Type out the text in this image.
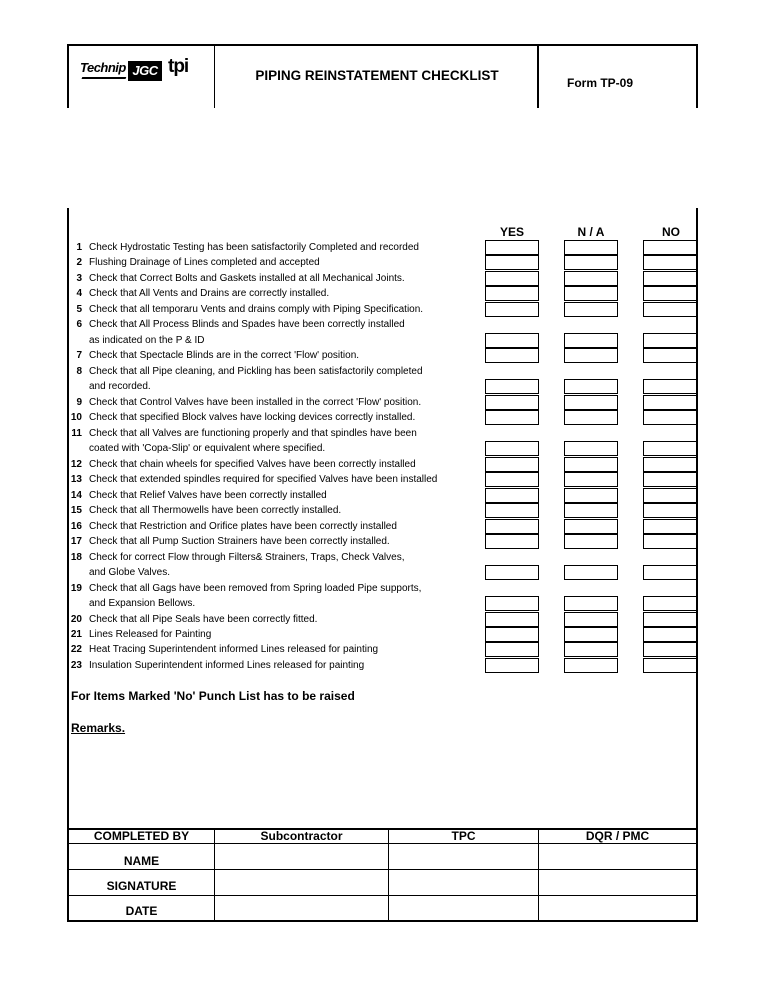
Technip JGC tpi	PIPING REINSTATEMENT CHECKLIST	Form TP-09
YES	N / A	NO
1 Check Hydrostatic Testing has been satisfactorily Completed and recorded
2 Flushing Drainage of Lines completed and accepted
3 Check that Correct Bolts and Gaskets installed at all Mechanical Joints.
4 Check that All Vents and Drains are correctly installed.
5 Check that all temporaru Vents and drains comply with Piping Specification.
6 Check that All Process Blinds and Spades have been correctly installed
as indicated on the P & ID
7 Check that Spectacle Blinds are in the correct 'Flow' position.
8 Check that all Pipe cleaning, and Pickling has been satisfactorily completed
and recorded.
9 Check that Control Valves have been installed in the correct 'Flow' position.
10 Check that specified Block valves have locking devices correctly installed.
11 Check that all Valves are functioning properly and that spindles have been
coated with 'Copa-Slip' or equivalent where specified.
12 Check that chain wheels for specified Valves have been correctly installed
13 Check that extended spindles required for specified Valves have been installed
14 Check that Relief Valves have been correctly installed
15 Check that all Thermowells have been correctly installed.
16 Check that Restriction and Orifice plates have been correctly installed
17 Check that all Pump Suction Strainers have been correctly installed.
18 Check for correct Flow through Filters& Strainers, Traps, Check Valves,
and Globe Valves.
19 Check that all Gags have been removed from Spring loaded Pipe supports,
and Expansion Bellows.
20 Check that all Pipe Seals have been correctly fitted.
21 Lines Released for Painting
22 Heat Tracing Superintendent informed Lines released for painting
23 Insulation Superintendent informed Lines released for painting
For Items Marked 'No' Punch List has to be raised
Remarks.
COMPLETED BY	Subcontractor	TPC	DQR / PMC
NAME
SIGNATURE
DATE
